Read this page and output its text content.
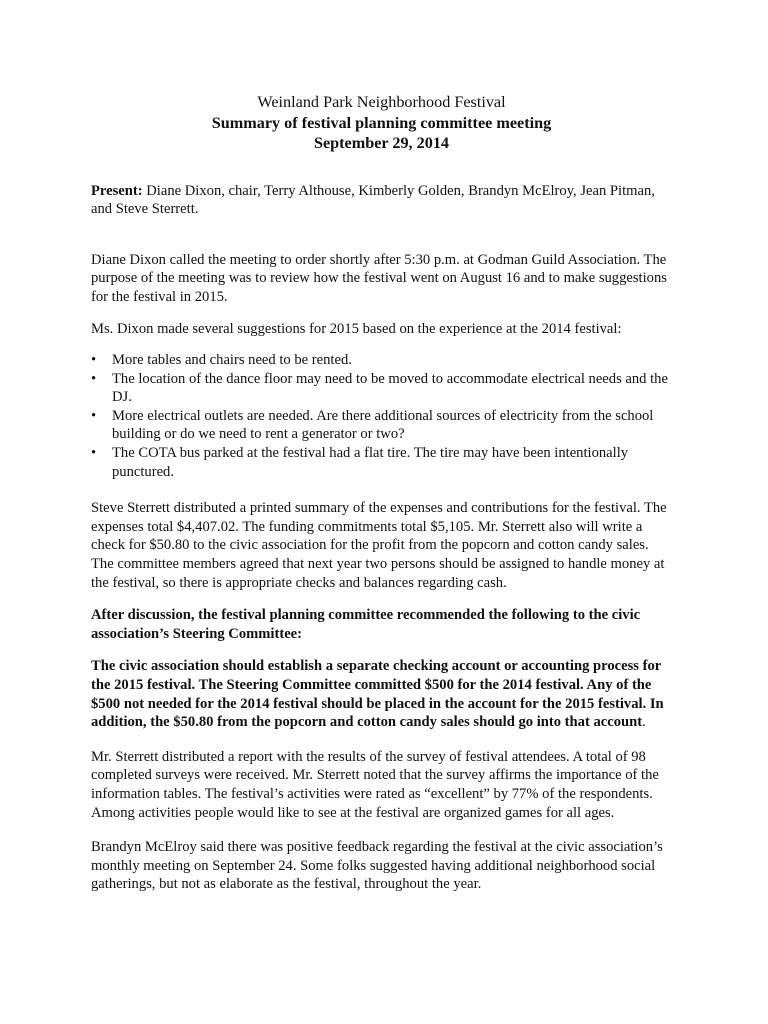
Weinland Park Neighborhood Festival
Summary of festival planning committee meeting
September 29, 2014

Present: Diane Dixon, chair, Terry Althouse, Kimberly Golden, Brandyn McElroy, Jean Pitman, and Steve Sterrett.

Diane Dixon called the meeting to order shortly after 5:30 p.m. at Godman Guild Association. The purpose of the meeting was to review how the festival went on August 16 and to make suggestions for the festival in 2015.

Ms. Dixon made several suggestions for 2015 based on the experience at the 2014 festival:

• More tables and chairs need to be rented.
• The location of the dance floor may need to be moved to accommodate electrical needs and the DJ.
• More electrical outlets are needed. Are there additional sources of electricity from the school building or do we need to rent a generator or two?
• The COTA bus parked at the festival had a flat tire. The tire may have been intentionally punctured.

Steve Sterrett distributed a printed summary of the expenses and contributions for the festival. The expenses total $4,407.02. The funding commitments total $5,105. Mr. Sterrett also will write a check for $50.80 to the civic association for the profit from the popcorn and cotton candy sales. The committee members agreed that next year two persons should be assigned to handle money at the festival, so there is appropriate checks and balances regarding cash.

After discussion, the festival planning committee recommended the following to the civic association’s Steering Committee:

The civic association should establish a separate checking account or accounting process for the 2015 festival. The Steering Committee committed $500 for the 2014 festival. Any of the $500 not needed for the 2014 festival should be placed in the account for the 2015 festival. In addition, the $50.80 from the popcorn and cotton candy sales should go into that account.

Mr. Sterrett distributed a report with the results of the survey of festival attendees. A total of 98 completed surveys were received. Mr. Sterrett noted that the survey affirms the importance of the information tables. The festival’s activities were rated as “excellent” by 77% of the respondents. Among activities people would like to see at the festival are organized games for all ages.

Brandyn McElroy said there was positive feedback regarding the festival at the civic association’s monthly meeting on September 24. Some folks suggested having additional neighborhood social gatherings, but not as elaborate as the festival, throughout the year.
